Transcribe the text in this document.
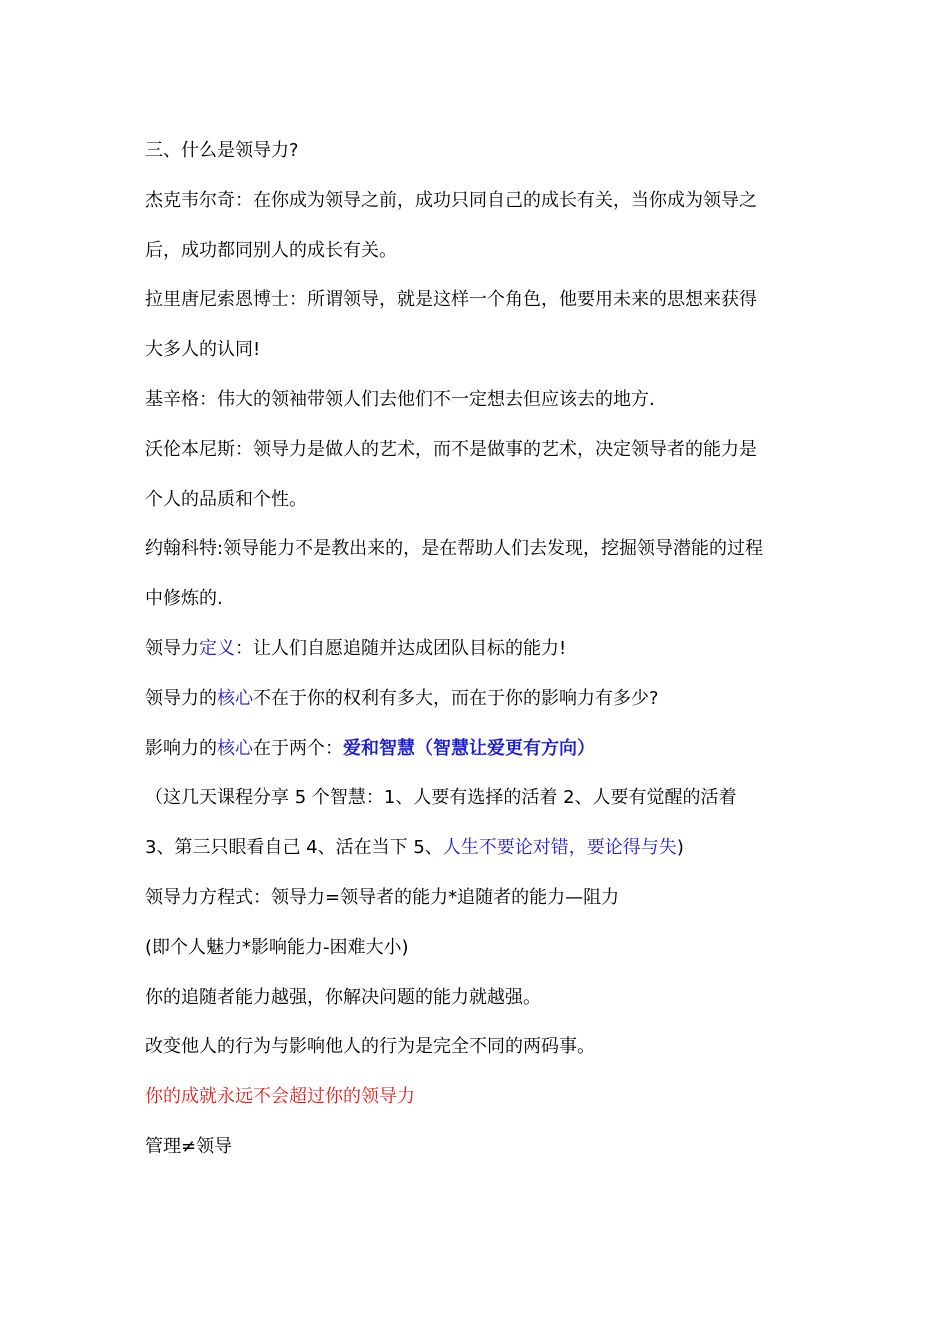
三、什么是领导力?
杰克韦尔奇：在你成为领导之前，成功只同自己的成长有关，当你成为领导之
后，成功都同别人的成长有关。
拉里唐尼索恩博士：所谓领导，就是这样一个角色，他要用未来的思想来获得
大多人的认同!
基辛格：伟大的领袖带领人们去他们不一定想去但应该去的地方.
沃伦本尼斯：领导力是做人的艺术，而不是做事的艺术，决定领导者的能力是
个人的品质和个性。
约翰科特:领导能力不是教出来的，是在帮助人们去发现，挖掘领导潜能的过程
中修炼的.
领导力定义：让人们自愿追随并达成团队目标的能力!
领导力的核心不在于你的权利有多大，而在于你的影响力有多少?
影响力的核心在于两个：爱和智慧（智慧让爱更有方向）
（这几天课程分享 5 个智慧：1、人要有选择的活着 2、人要有觉醒的活着
3、第三只眼看自己 4、活在当下 5、人生不要论对错，要论得与失)
领导力方程式：领导力=领导者的能力*追随者的能力—阻力
(即个人魅力*影响能力-困难大小)
你的追随者能力越强，你解决问题的能力就越强。
改变他人的行为与影响他人的行为是完全不同的两码事。
你的成就永远不会超过你的领导力
管理≠领导
